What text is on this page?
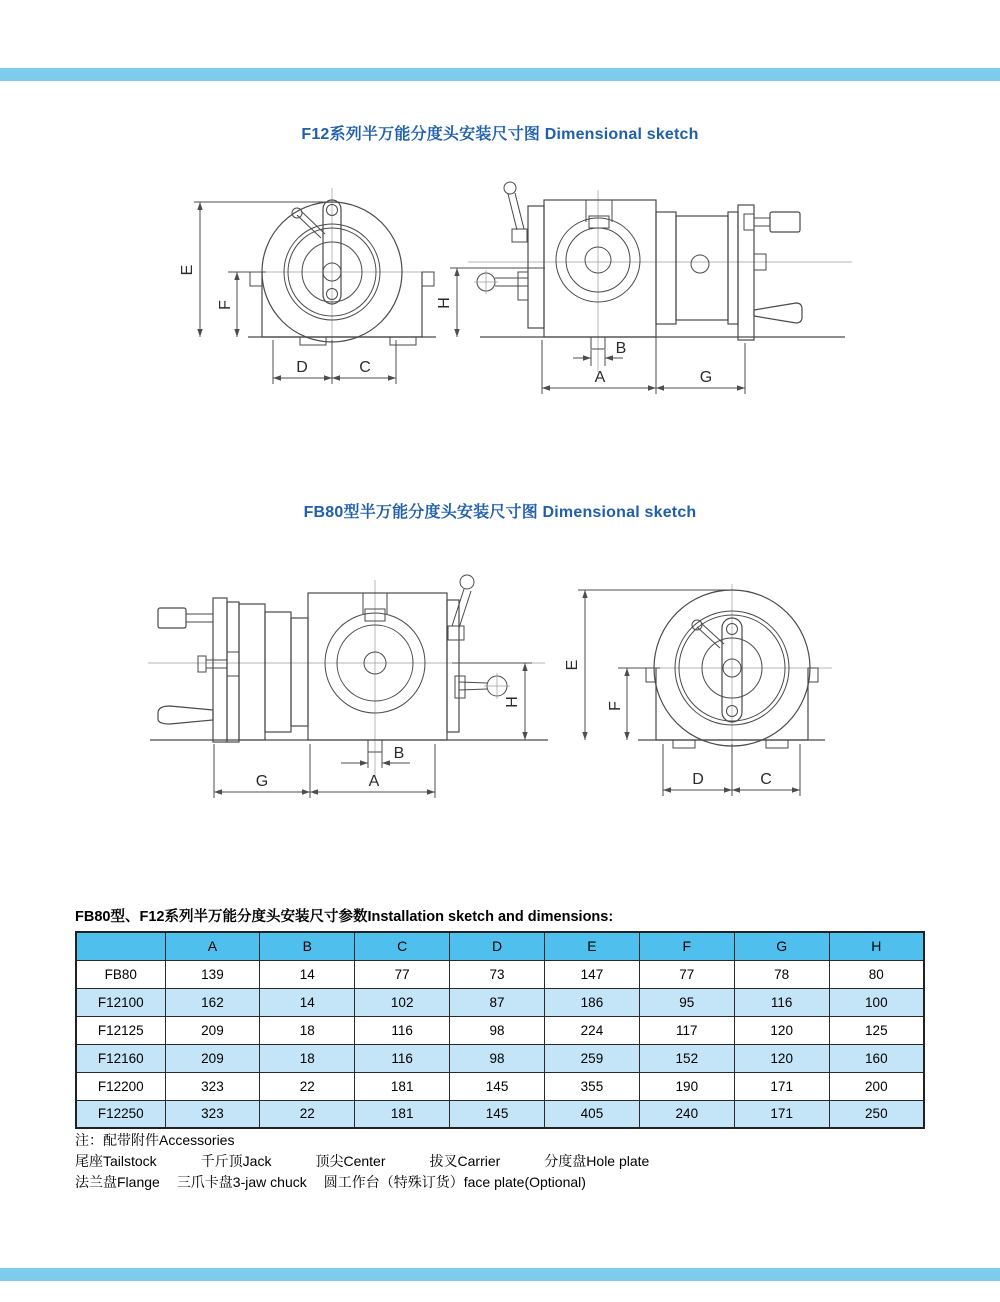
F12系列半万能分度头安装尺寸图 Dimensional sketch
E
F
D	C
H
B
A	G
FB80型半万能分度头安装尺寸图 Dimensional sketch
H
B
G	A
E
F
D	C
FB80型、F12系列半万能分度头安装尺寸参数Installation sketch and dimensions:
	A	B	C	D	E	F	G	H
FB80	139	14	77	73	147	77	78	80
F12100	162	14	102	87	186	95	116	100
F12125	209	18	116	98	224	117	120	125
F12160	209	18	116	98	259	152	120	160
F12200	323	22	181	145	355	190	171	200
F12250	323	22	181	145	405	240	171	250
注：配带附件Accessories
尾座Tailstock	千斤顶Jack	顶尖Center	拔叉Carrier	分度盘Hole plate
法兰盘Flange 三爪卡盘3-jaw chuck 圆工作台（特殊订货）face plate(Optional)
